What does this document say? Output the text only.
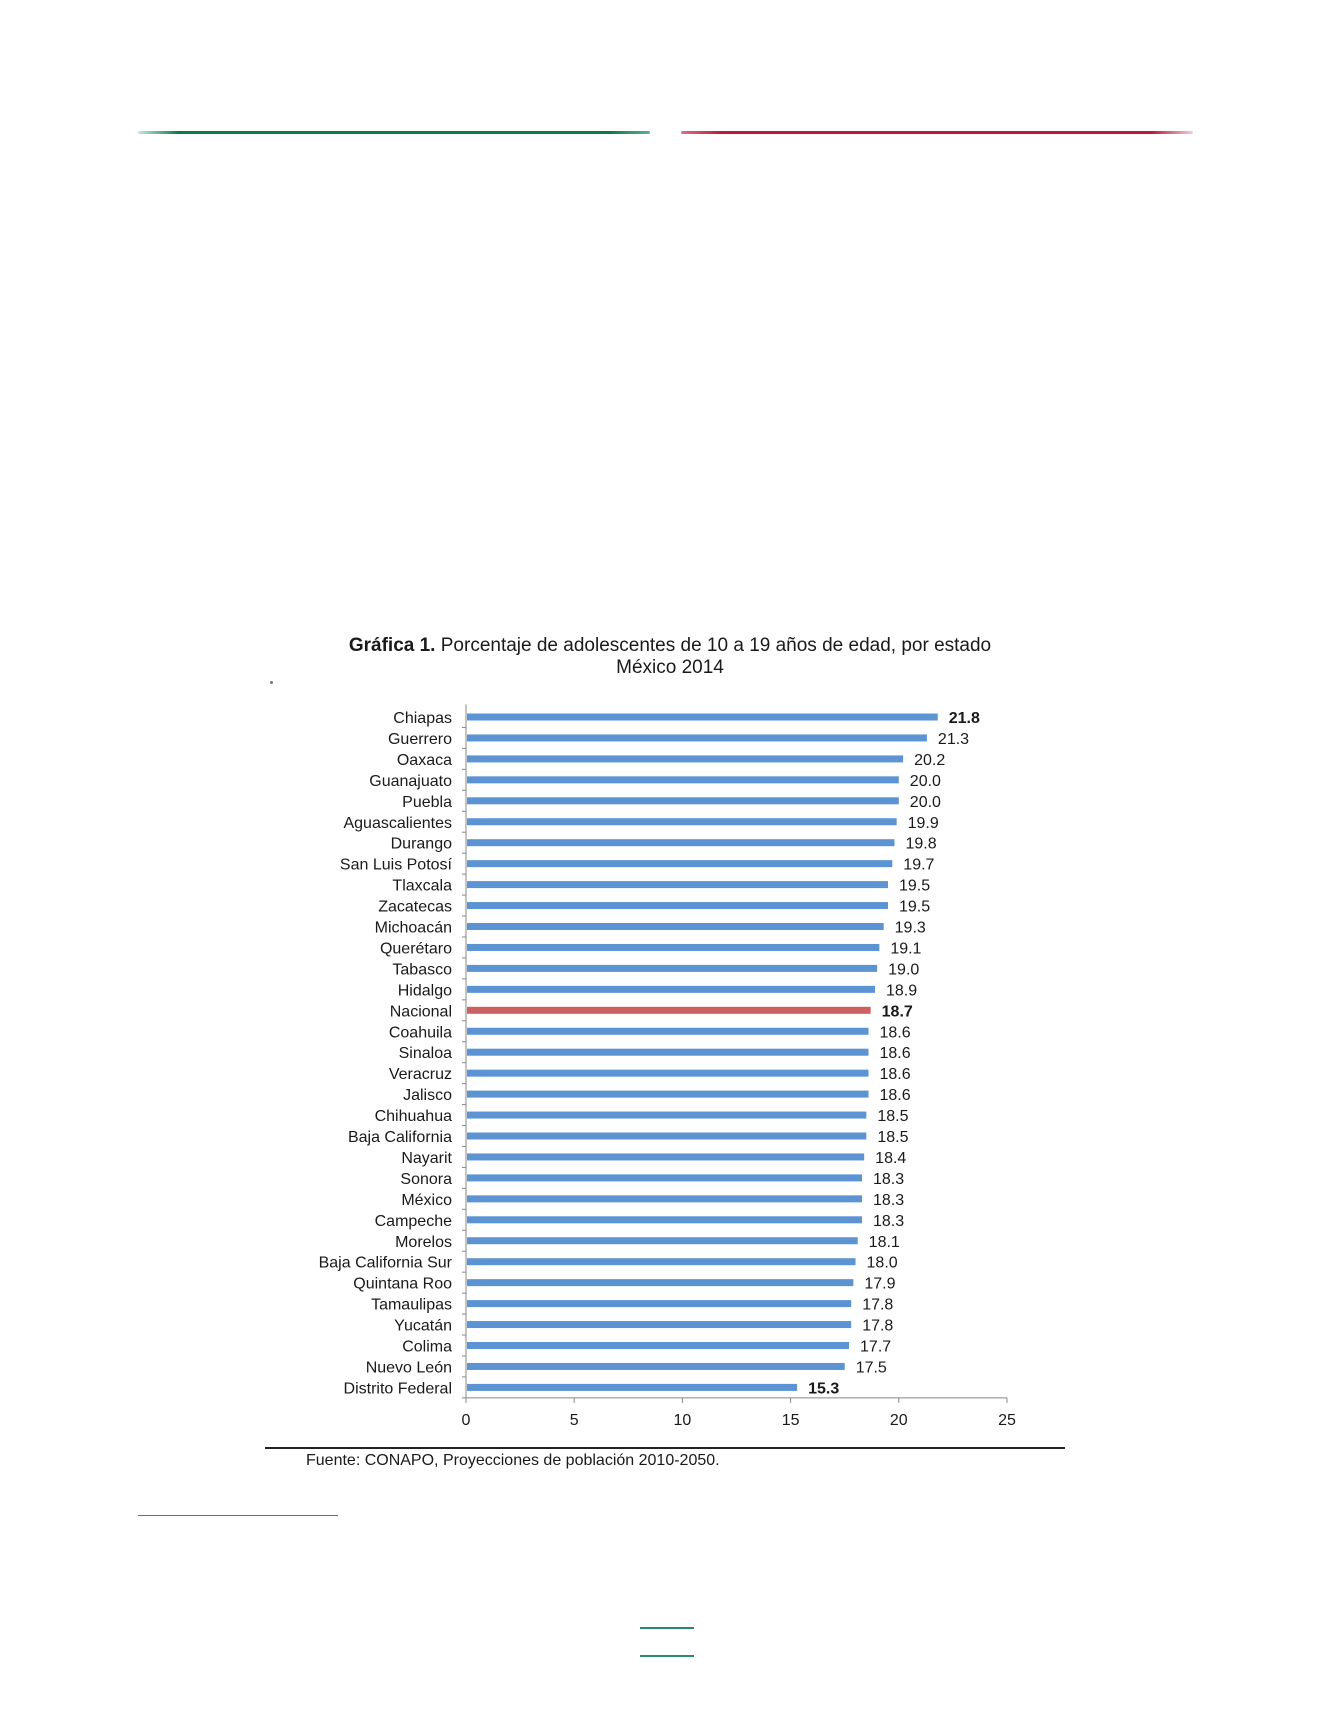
Gráfica 1. Porcentaje de adolescentes de 10 a 19 años de edad, por estado
México 2014
Chiapas	21.8
Guerrero	21.3
Oaxaca	20.2
Guanajuato	20.0
Puebla	20.0
Aguascalientes	19.9
Durango	19.8
San Luis Potosí	19.7
Tlaxcala	19.5
Zacatecas	19.5
Michoacán	19.3
Querétaro	19.1
Tabasco	19.0
Hidalgo	18.9
Nacional	18.7
Coahuila	18.6
Sinaloa	18.6
Veracruz	18.6
Jalisco	18.6
Chihuahua	18.5
Baja California	18.5
Nayarit	18.4
Sonora	18.3
México	18.3
Campeche	18.3
Morelos	18.1
Baja California Sur	18.0
Quintana Roo	17.9
Tamaulipas	17.8
Yucatán	17.8
Colima	17.7
Nuevo León	17.5
Distrito Federal	15.3
0	5	10	15	20	25
Fuente: CONAPO, Proyecciones de población 2010-2050.
